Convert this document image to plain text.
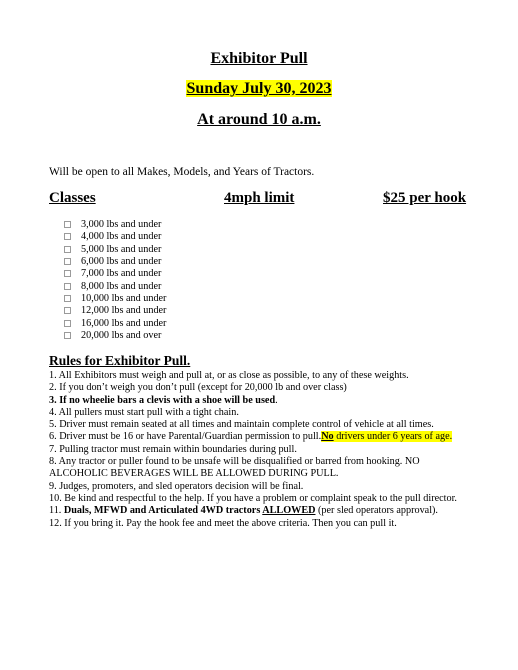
Exhibitor Pull
Sunday July 30, 2023
At around 10 a.m.
Will be open to all Makes, Models, and Years of Tractors.
Classes	4mph limit	$25 per hook
3,000 lbs and under
4,000 lbs and under
5,000 lbs and under
6,000 lbs and under
7,000 lbs and under
8,000 lbs and under
10,000 lbs and under
12,000 lbs and under
16,000 lbs and under
20,000 lbs and over
Rules for Exhibitor Pull.
1. All Exhibitors must weigh and pull at, or as close as possible, to any of these weights.
2. If you don’t weigh you don’t pull (except for 20,000 lb and over class)
3. If no wheelie bars a clevis with a shoe will be used.
4. All pullers must start pull with a tight chain.
5. Driver must remain seated at all times and maintain complete control of vehicle at all times.
6. Driver must be 16 or have Parental/Guardian permission to pull.No drivers under 6 years of age.
7. Pulling tractor must remain within boundaries during pull.
8. Any tractor or puller found to be unsafe will be disqualified or barred from hooking. NO
ALCOHOLIC BEVERAGES WILL BE ALLOWED DURING PULL.
9. Judges, promoters, and sled operators decision will be final.
10. Be kind and respectful to the help. If you have a problem or complaint speak to the pull director.
11. Duals, MFWD and Articulated 4WD tractors ALLOWED (per sled operators approval).
12. If you bring it. Pay the hook fee and meet the above criteria. Then you can pull it.
